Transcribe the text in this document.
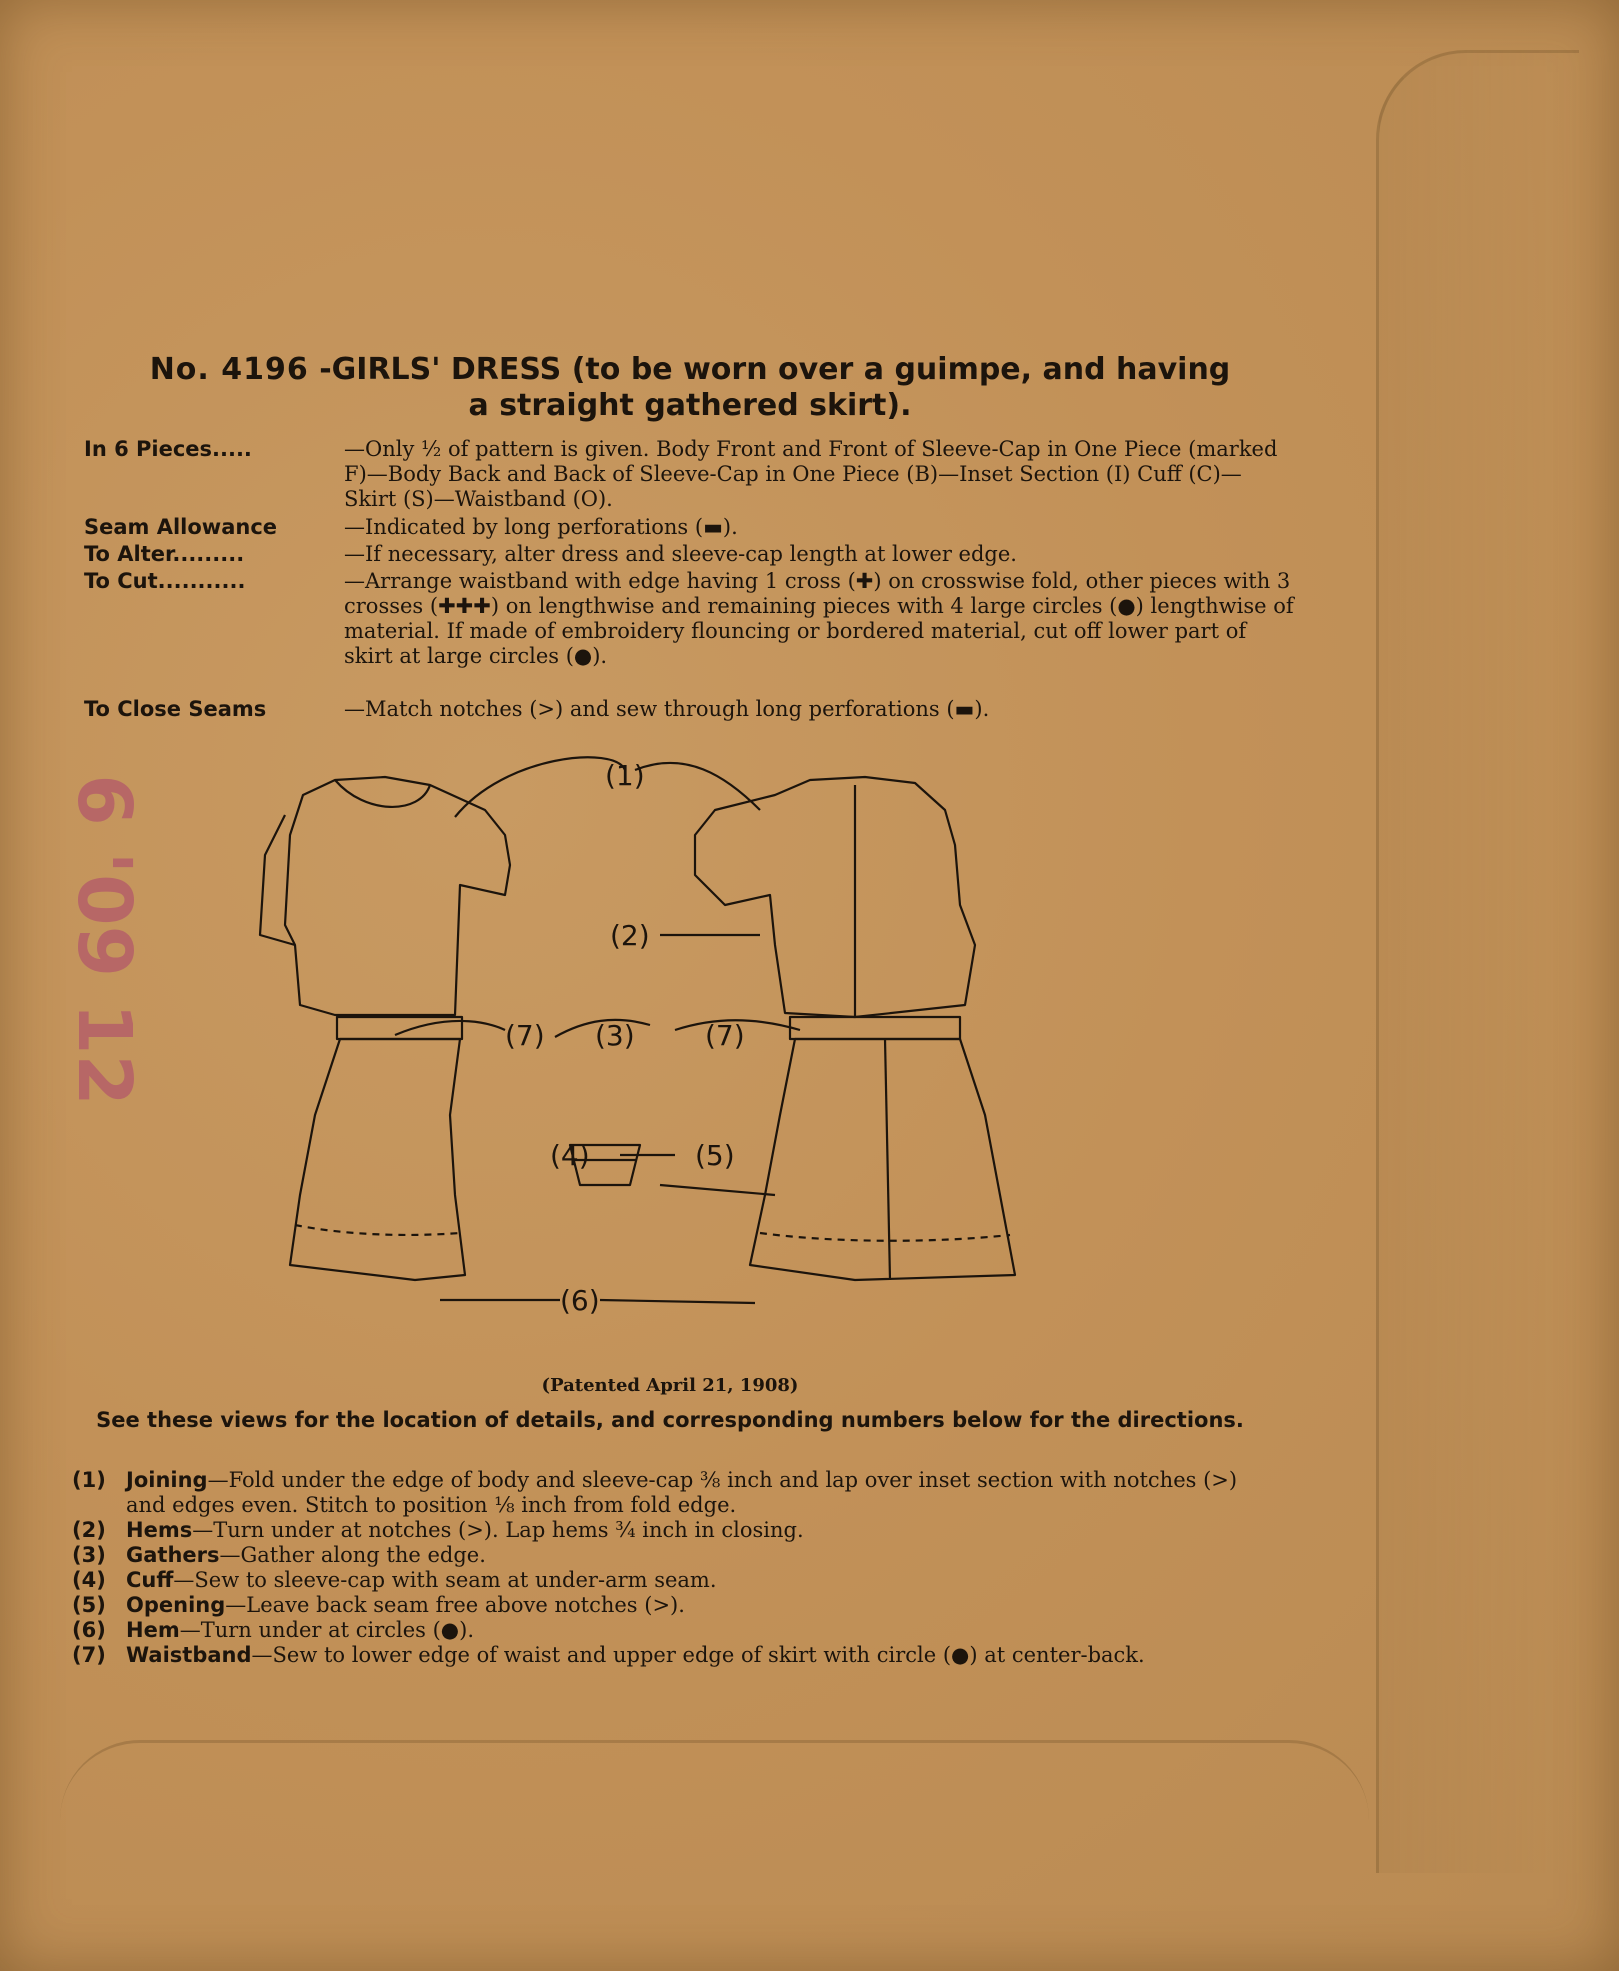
6 '09 12
No. 4196 -GIRLS' DRESS (to be worn over a guimpe, and having
a straight gathered skirt).
In 6 Pieces.....	—Only ½ of pattern is given. Body Front and Front of Sleeve-Cap in One Piece (marked F)—Body Back and Back of Sleeve-Cap in One Piece (B)—Inset Section (I) Cuff (C)—Skirt (S)—Waistband (O).
Seam Allowance	—Indicated by long perforations (▬).
To Alter.........	—If necessary, alter dress and sleeve-cap length at lower edge.
To Cut...........	—Arrange waistband with edge having 1 cross (✚) on crosswise fold, other pieces with 3 crosses (✚✚✚) on lengthwise and remaining pieces with 4 large circles (●) lengthwise of material. If made of embroidery flouncing or bordered material, cut off lower part of skirt at large circles (●).
To Close Seams	—Match notches (>) and sew through long perforations (▬).
(1)
(2)
(7) (3)	(7)
(4)	(5)
(6)
(Patented April 21, 1908)
See these views for the location of details, and corresponding numbers below for the directions.
(1) Joining—Fold under the edge of body and sleeve-cap ⅜ inch and lap over inset section with notches (>) and edges even. Stitch to position ⅛ inch from fold edge.
(2) Hems—Turn under at notches (>). Lap hems ¾ inch in closing.
(3) Gathers—Gather along the edge.
(4) Cuff—Sew to sleeve-cap with seam at under-arm seam.
(5) Opening—Leave back seam free above notches (>).
(6) Hem—Turn under at circles (●).
(7) Waistband—Sew to lower edge of waist and upper edge of skirt with circle (●) at center-back.
